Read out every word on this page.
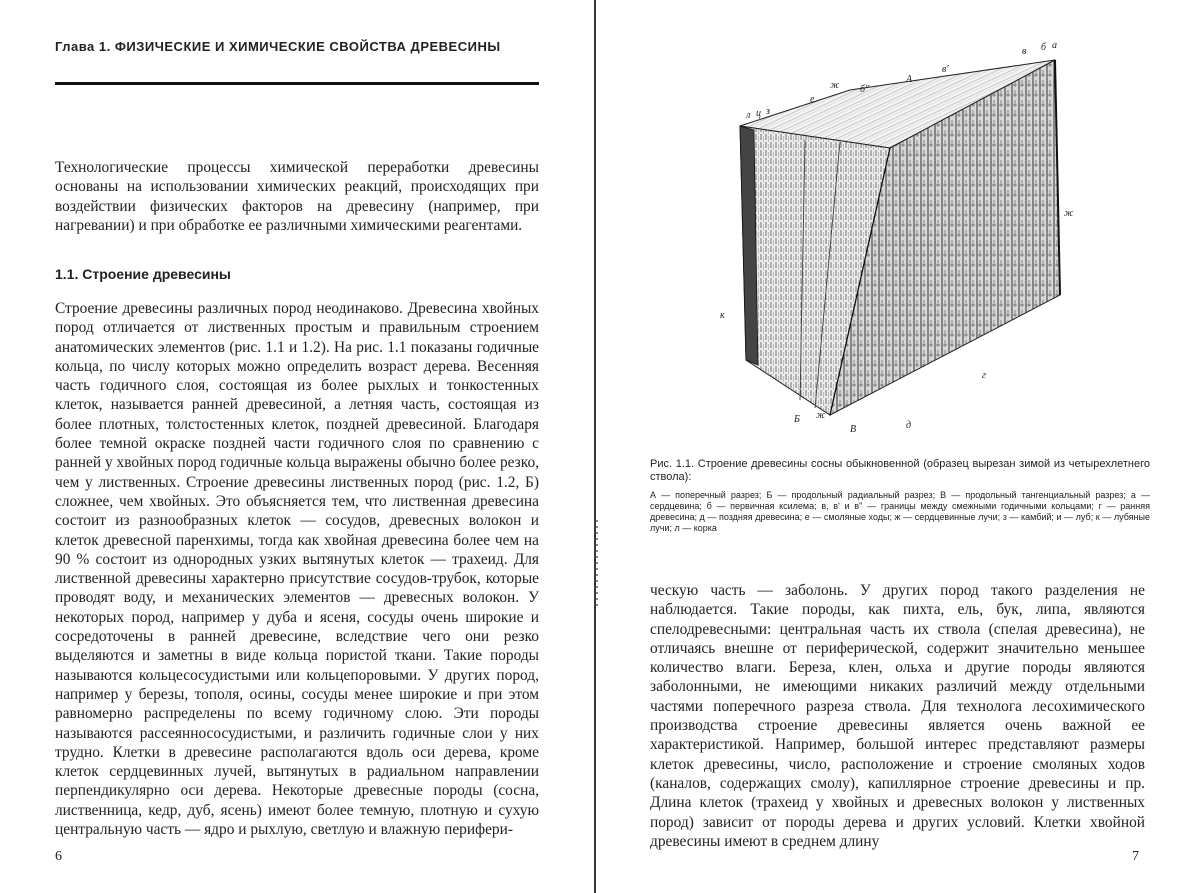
Глава 1. ФИЗИЧЕСКИЕ И ХИМИЧЕСКИЕ СВОЙСТВА ДРЕВЕСИНЫ

Технологические процессы химической переработки древесины основаны на использовании химических реакций, происходящих при воздействии физических факторов на древесину (например, при нагревании) и при обработке ее различными химическими реагентами.

1.1. Строение древесины

Строение древесины различных пород неодинаково. Древесина хвойных пород отличается от лиственных простым и правильным строением анатомических элементов (рис. 1.1 и 1.2). На рис. 1.1 показаны годичные кольца, по числу которых можно определить возраст дерева. Весенняя часть годичного слоя, состоящая из более рыхлых и тонкостенных клеток, называется ранней древесиной, а летняя часть, состоящая из более плотных, толстостенных клеток, поздней древесиной. Благодаря более темной окраске поздней части годичного слоя по сравнению с ранней у хвойных пород годичные кольца выражены обычно более резко, чем у лиственных. Строение древесины лиственных пород (рис. 1.2, Б) сложнее, чем хвойных. Это объясняется тем, что лиственная древесина состоит из разнообразных клеток — сосудов, древесных волокон и клеток древесной паренхимы, тогда как хвойная древесина более чем на 90 % состоит из однородных узких вытянутых клеток — трахеид. Для лиственной древесины характерно присутствие сосудов-трубок, которые проводят воду, и механических элементов — древесных волокон. У некоторых пород, например у дуба и ясеня, сосуды очень широкие и сосредоточены в ранней древесине, вследствие чего они резко выделяются и заметны в виде кольца пористой ткани. Такие породы называются кольцесосудистыми или кольцепоровыми. У других пород, например у березы, тополя, осины, сосуды менее широкие и при этом равномерно распределены по всему годичному слою. Эти породы называются рассеяннососудистыми, и различить годичные слои у них трудно. Клетки в древесине располагаются вдоль оси дерева, кроме клеток сердцевинных лучей, вытянутых в радиальном направлении перпендикулярно оси дерева. Некоторые древесные породы (сосна, лиственница, кедр, дуб, ясень) имеют более темную, плотную и сухую центральную часть — ядро и рыхлую, светлую и влажную перифери-

6
в б а
в'
А
б''
ж
е
л ц з
ж
к
г
Б ж
В	д
Рис. 1.1. Строение древесины сосны обыкновенной (образец вырезан зимой из четырехлетнего ствола):
А — поперечный разрез; Б — продольный радиальный разрез; В — продольный тангенциальный разрез; а — сердцевина; б — первичная ксилема; в, в' и в'' — границы между смежными годичными кольцами; г — ранняя древесина; д — поздняя древесина; е — смоляные ходы; ж — сердцевинные лучи; з — камбий; и — луб; к — лубяные лучи; л — корка

ческую часть — заболонь. У других пород такого разделения не наблюдается. Такие породы, как пихта, ель, бук, липа, являются спелодревесными: центральная часть их ствола (спелая древесина), не отличаясь внешне от периферической, содержит значительно меньшее количество влаги. Береза, клен, ольха и другие породы являются заболонными, не имеющими никаких различий между отдельными частями поперечного разреза ствола. Для технолога лесохимического производства строение древесины является очень важной ее характеристикой. Например, большой интерес представляют размеры клеток древесины, число, расположение и строение смоляных ходов (каналов, содержащих смолу), капиллярное строение древесины и пр. Длина клеток (трахеид у хвойных и древесных волокон у лиственных пород) зависит от породы дерева и других условий. Клетки хвойной древесины имеют в среднем длину

7
